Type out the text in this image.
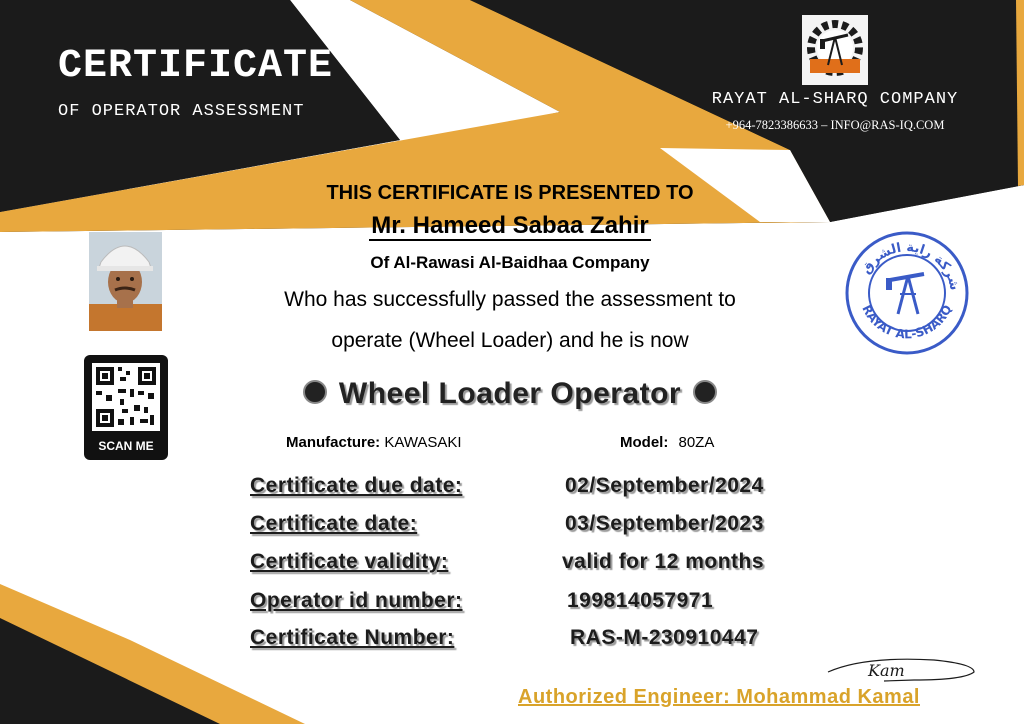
CERTIFICATE
OF OPERATOR ASSESSMENT
RAYAT AL-SHARQ COMPANY
+964-7823386633 – INFO@RAS-IQ.COM
THIS CERTIFICATE IS PRESENTED TO
Mr. Hameed Sabaa Zahir
Of Al-Rawasi Al-Baidhaa Company
Who has successfully passed the assessment to
operate (Wheel Loader) and he is now
Wheel Loader Operator
Manufacture: KAWASAKI	Model: 80ZA
Certificate due date:	02/September/2024
Certificate date:	03/September/2023
Certificate validity:	valid for 12 months
Operator id number:	199814057971
Certificate Number:	RAS-M-230910447
SCAN ME
RAYAT AL-SHARQ
شركة راية الشرق
Kam
Authorized Engineer: Mohammad Kamal
